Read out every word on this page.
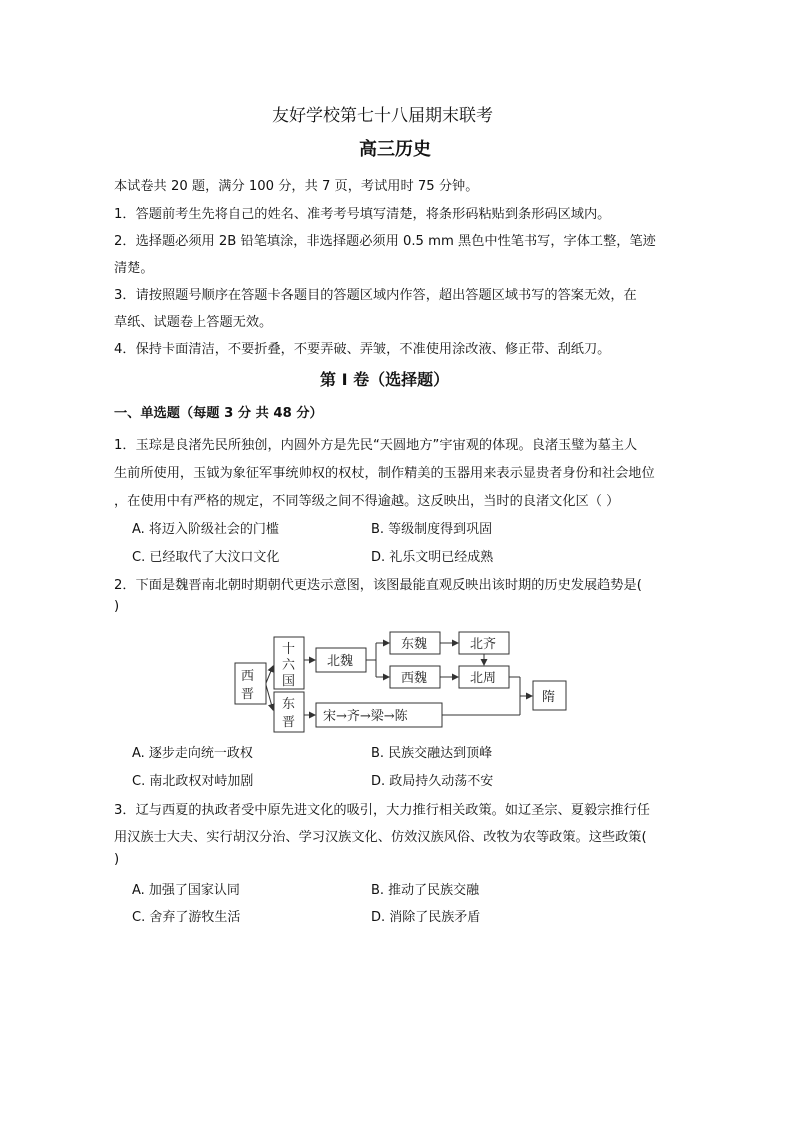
友好学校第七十八届期末联考
高三历史
本试卷共 20 题，满分 100 分，共 7 页，考试用时 75 分钟。
1．答题前考生先将自己的姓名、准考考号填写清楚，将条形码粘贴到条形码区域内。
2．选择题必须用 2B 铅笔填涂，非选择题必须用 0.5 mm 黑色中性笔书写，字体工整，笔迹
清楚。
3．请按照题号顺序在答题卡各题目的答题区域内作答，超出答题区域书写的答案无效，在
草纸、试题卷上答题无效。
4．保持卡面清洁，不要折叠，不要弄破、弄皱，不准使用涂改液、修正带、刮纸刀。
第 I 卷（选择题）
一、单选题（每题 3 分 共 48 分）
1．玉琮是良渚先民所独创，内圆外方是先民“天圆地方”宇宙观的体现。良渚玉璧为墓主人
生前所使用，玉钺为象征军事统帅权的权杖，制作精美的玉器用来表示显贵者身份和社会地位
，在使用中有严格的规定，不同等级之间不得逾越。这反映出，当时的良渚文化区（ ）
A. 将迈入阶级社会的门槛	B. 等级制度得到巩固
C. 已经取代了大汶口文化	D. 礼乐文明已经成熟
2．下面是魏晋南北朝时期朝代更迭示意图，该图最能直观反映出该时期的历史发展趋势是(
)
西
晋
十
六
国
东
晋
北魏
东魏	北齐
西魏	北周
宋→齐→梁→陈
隋
A. 逐步走向统一政权	B. 民族交融达到顶峰
C. 南北政权对峙加剧	D. 政局持久动荡不安
3．辽与西夏的执政者受中原先进文化的吸引，大力推行相关政策。如辽圣宗、夏毅宗推行任
用汉族士大夫、实行胡汉分治、学习汉族文化、仿效汉族风俗、改牧为农等政策。这些政策(
)
A. 加强了国家认同	B. 推动了民族交融
C. 舍弃了游牧生活	D. 消除了民族矛盾
